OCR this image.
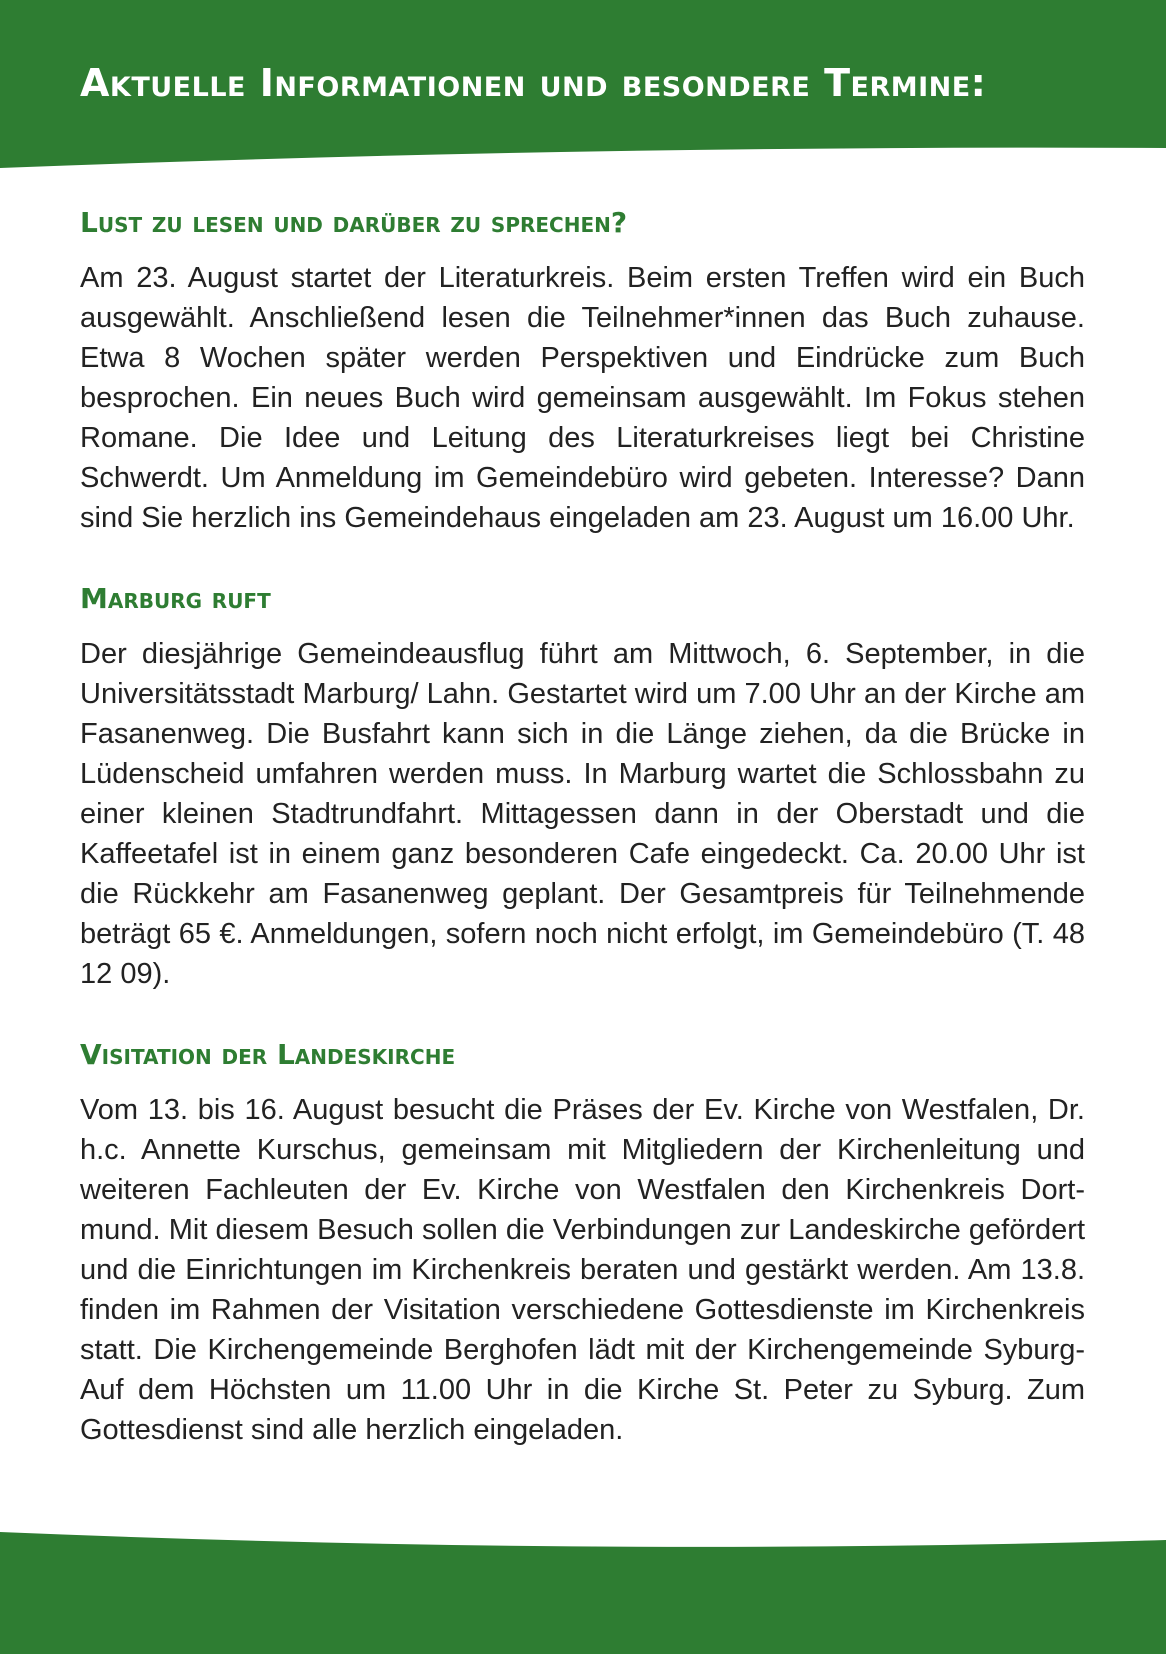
Aktuelle Informationen und besondere Termine:
Lust zu lesen und darüber zu sprechen?

Am 23. August startet der Literaturkreis. Beim ersten Treffen wird ein Buch ausgewählt. Anschließend lesen die Teilnehmer*innen das Buch zuhause. Etwa 8 Wochen später werden Perspektiven und Eindrücke zum Buch besprochen. Ein neues Buch wird gemeinsam ausgewählt. Im Fokus stehen Romane. Die Idee und Leitung des Literaturkreises liegt bei Christine Schwerdt. Um Anmeldung im Gemeindebüro wird gebeten. Interesse? Dann sind Sie herzlich ins Gemeindehaus eingeladen am 23. August um 16.00 Uhr.

Marburg ruft

Der diesjährige Gemeindeausflug führt am Mittwoch, 6. September, in die Universitätsstadt Marburg/ Lahn. Gestartet wird um 7.00 Uhr an der Kirche am Fasanenweg. Die Busfahrt kann sich in die Länge ziehen, da die Brücke in Lüdenscheid umfahren werden muss. In Marburg wartet die Schlossbahn zu einer kleinen Stadtrundfahrt. Mittagessen dann in der Oberstadt und die Kaffeetafel ist in einem ganz besonderen Cafe eingedeckt. Ca. 20.00 Uhr ist die Rückkehr am Fasanenweg geplant. Der Gesamtpreis für Teilnehmende beträgt 65 €. Anmeldungen, sofern noch nicht erfolgt, im Gemeindebüro (T. 48 12 09).

Visitation der Landeskirche

Vom 13. bis 16. August besucht die Präses der Ev. Kirche von Westfalen, Dr. h.c. Annette Kurschus, gemeinsam mit Mitgliedern der Kirchenleitung und weiteren Fachleuten der Ev. Kirche von Westfalen den Kirchenkreis Dortmund. Mit diesem Besuch sollen die Verbindungen zur Landeskirche gefördert und die Einrichtungen im Kirchenkreis beraten und gestärkt werden. Am 13.8. finden im Rahmen der Visitation verschiedene Gottesdienste im Kirchenkreis statt. Die Kirchengemeinde Berghofen lädt mit der Kirchengemeinde Syburg-Auf dem Höchsten um 11.00 Uhr in die Kirche St. Peter zu Syburg. Zum Gottesdienst sind alle herzlich eingeladen.
